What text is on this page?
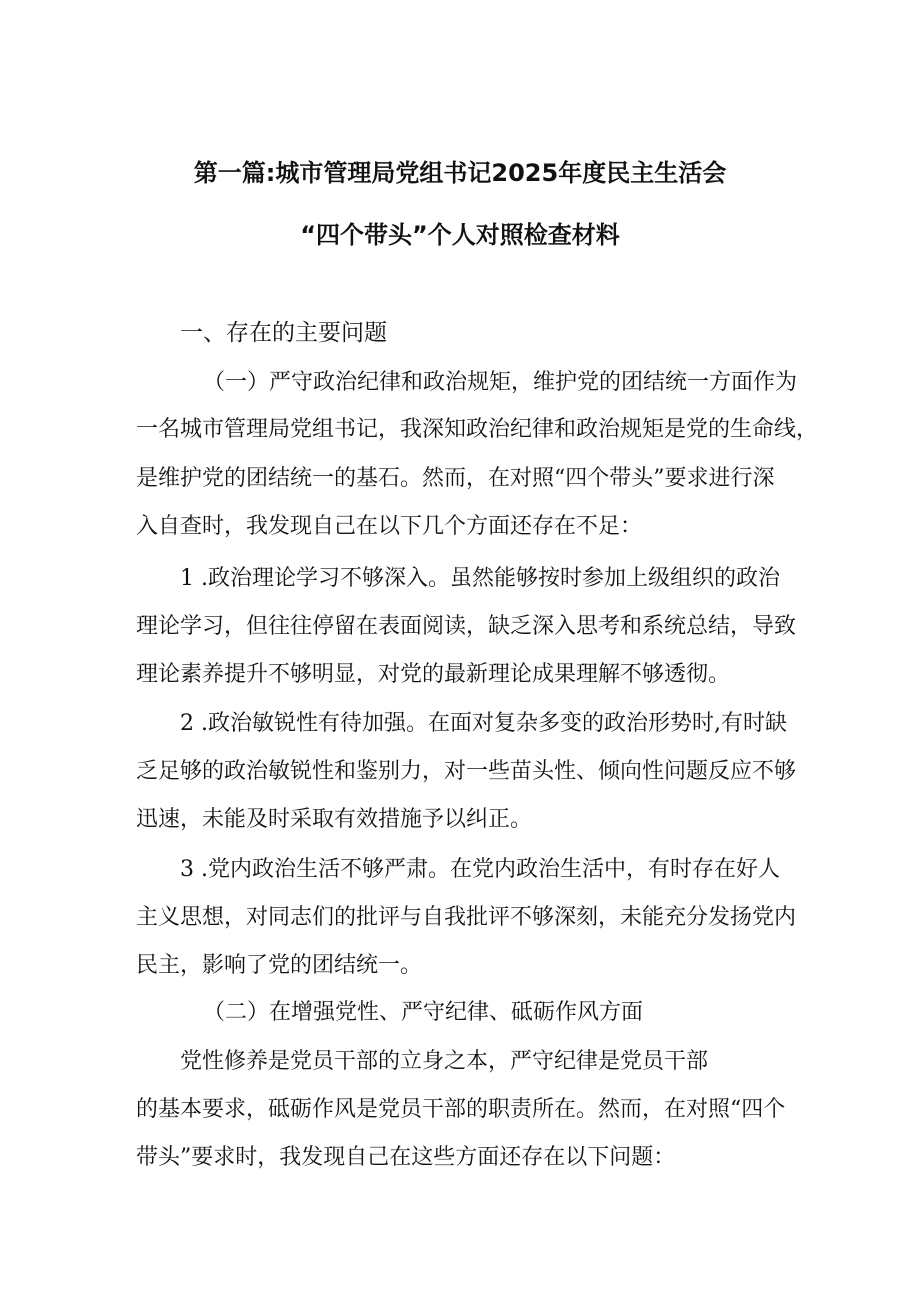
第一篇:城市管理局党组书记2025年度民主生活会
“四个带头”个人对照检查材料
一、存在的主要问题
（一）严守政治纪律和政治规矩，维护党的团结统一方面作为
一名城市管理局党组书记，我深知政治纪律和政治规矩是党的生命线，
是维护党的团结统一的基石。然而，在对照“四个带头”要求进行深
入自查时，我发现自己在以下几个方面还存在不足：
1 .政治理论学习不够深入。虽然能够按时参加上级组织的政治
理论学习，但往往停留在表面阅读，缺乏深入思考和系统总结，导致
理论素养提升不够明显，对党的最新理论成果理解不够透彻。
2 .政治敏锐性有待加强。在面对复杂多变的政治形势时,有时缺
乏足够的政治敏锐性和鉴别力，对一些苗头性、倾向性问题反应不够
迅速，未能及时采取有效措施予以纠正。
3 .党内政治生活不够严肃。在党内政治生活中，有时存在好人
主义思想，对同志们的批评与自我批评不够深刻，未能充分发扬党内
民主，影响了党的团结统一。
（二）在增强党性、严守纪律、砥砺作风方面
党性修养是党员干部的立身之本，严守纪律是党员干部
的基本要求，砥砺作风是党员干部的职责所在。然而，在对照“四个
带头”要求时，我发现自己在这些方面还存在以下问题：
